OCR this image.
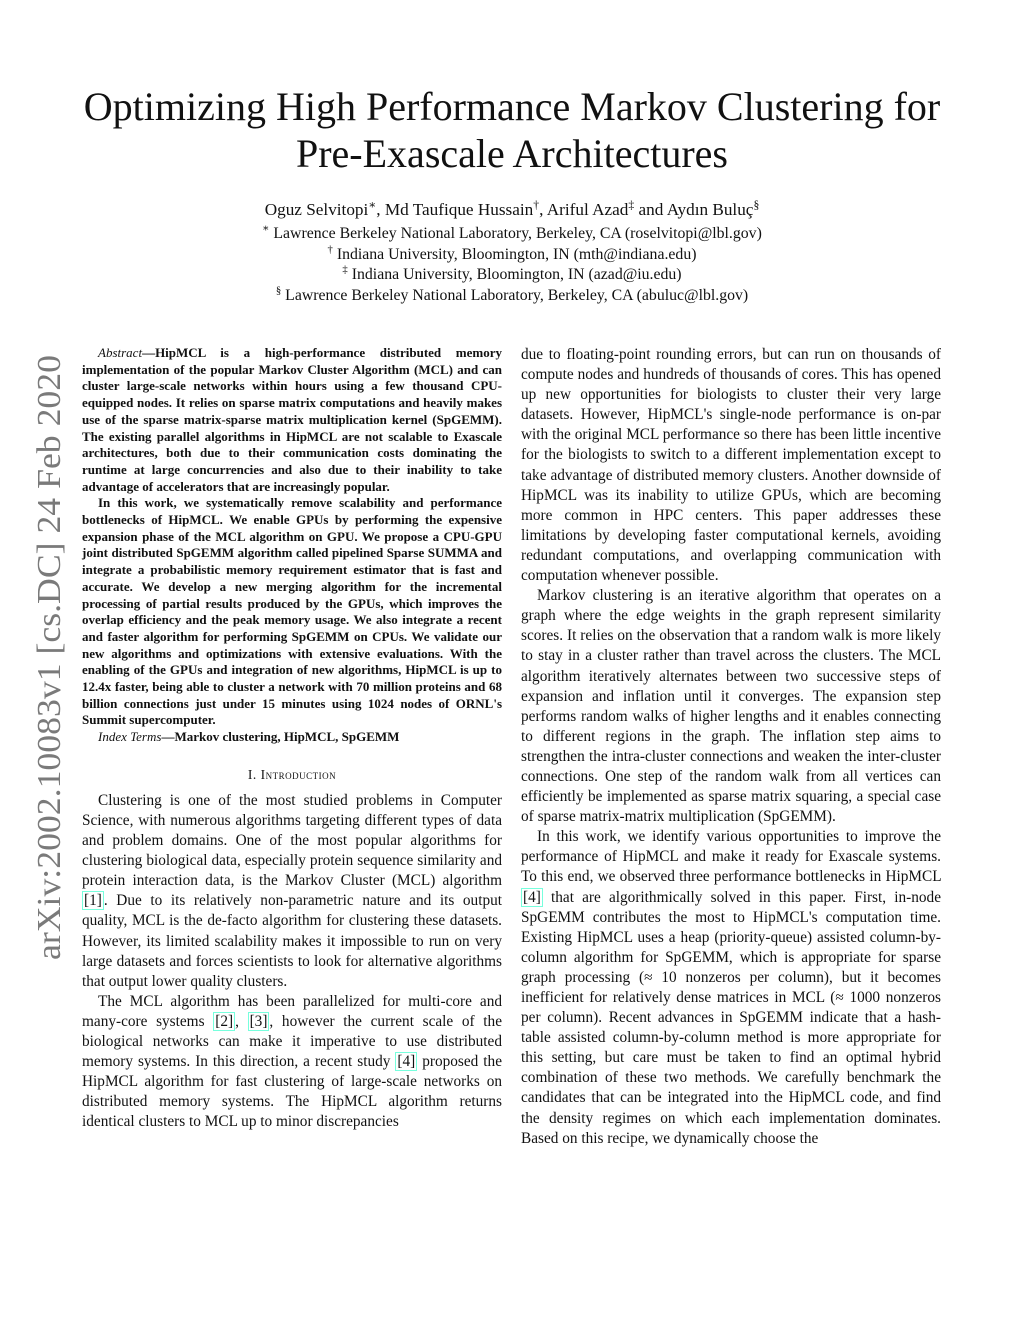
arXiv:2002.10083v1 [cs.DC] 24 Feb 2020
Optimizing High Performance Markov Clustering for Pre-Exascale Architectures
Oguz Selvitopi∗, Md Taufique Hussain†, Ariful Azad‡ and Aydın Buluç§
∗ Lawrence Berkeley National Laboratory, Berkeley, CA (roselvitopi@lbl.gov)
† Indiana University, Bloomington, IN (mth@indiana.edu)
‡ Indiana University, Bloomington, IN (azad@iu.edu)
§ Lawrence Berkeley National Laboratory, Berkeley, CA (abuluc@lbl.gov)

Abstract—HipMCL is a high-performance distributed memory implementation of the popular Markov Cluster Algorithm (MCL) and can cluster large-scale networks within hours using a few thousand CPU-equipped nodes. It relies on sparse matrix computations and heavily makes use of the sparse matrix-sparse matrix multiplication kernel (SpGEMM). The existing parallel algorithms in HipMCL are not scalable to Exascale architectures, both due to their communication costs dominating the runtime at large concurrencies and also due to their inability to take advantage of accelerators that are increasingly popular.

In this work, we systematically remove scalability and performance bottlenecks of HipMCL. We enable GPUs by performing the expensive expansion phase of the MCL algorithm on GPU. We propose a CPU-GPU joint distributed SpGEMM algorithm called pipelined Sparse SUMMA and integrate a probabilistic memory requirement estimator that is fast and accurate. We develop a new merging algorithm for the incremental processing of partial results produced by the GPUs, which improves the overlap efficiency and the peak memory usage. We also integrate a recent and faster algorithm for performing SpGEMM on CPUs. We validate our new algorithms and optimizations with extensive evaluations. With the enabling of the GPUs and integration of new algorithms, HipMCL is up to 12.4x faster, being able to cluster a network with 70 million proteins and 68 billion connections just under 15 minutes using 1024 nodes of ORNL's Summit supercomputer.

Index Terms—Markov clustering, HipMCL, SpGEMM

I. Introduction

Clustering is one of the most studied problems in Computer Science, with numerous algorithms targeting different types of data and problem domains. One of the most popular algorithms for clustering biological data, especially protein sequence similarity and protein interaction data, is the Markov Cluster (MCL) algorithm [1] . Due to its relatively non-parametric nature and its output quality, MCL is the de-facto algorithm for clustering these datasets. However, its limited scalability makes it impossible to run on very large datasets and forces scientists to look for alternative algorithms that output lower quality clusters.

The MCL algorithm has been parallelized for multi-core and many-core systems [2] , [3] , however the current scale of the biological networks can make it imperative to use distributed memory systems. In this direction, a recent study [4] proposed the HipMCL algorithm for fast clustering of large-scale networks on distributed memory systems. The HipMCL algorithm returns identical clusters to MCL up to minor discrepancies

due to floating-point rounding errors, but can run on thousands of compute nodes and hundreds of thousands of cores. This has opened up new opportunities for biologists to cluster their very large datasets. However, HipMCL's single-node performance is on-par with the original MCL performance so there has been little incentive for the biologists to switch to a different implementation except to take advantage of distributed memory clusters. Another downside of HipMCL was its inability to utilize GPUs, which are becoming more common in HPC centers. This paper addresses these limitations by developing faster computational kernels, avoiding redundant computations, and overlapping communication with computation whenever possible.

Markov clustering is an iterative algorithm that operates on a graph where the edge weights in the graph represent similarity scores. It relies on the observation that a random walk is more likely to stay in a cluster rather than travel across the clusters. The MCL algorithm iteratively alternates between two successive steps of expansion and inflation until it converges. The expansion step performs random walks of higher lengths and it enables connecting to different regions in the graph. The inflation step aims to strengthen the intra-cluster connections and weaken the inter-cluster connections. One step of the random walk from all vertices can efficiently be implemented as sparse matrix squaring, a special case of sparse matrix-matrix multiplication (SpGEMM).

In this work, we identify various opportunities to improve the performance of HipMCL and make it ready for Exascale systems. To this end, we observed three performance bottlenecks in HipMCL [4] that are algorithmically solved in this paper. First, in-node SpGEMM contributes the most to HipMCL's computation time. Existing HipMCL uses a heap (priority-queue) assisted column-by-column algorithm for SpGEMM, which is appropriate for sparse graph processing (≈ 10 nonzeros per column), but it becomes inefficient for relatively dense matrices in MCL (≈ 1000 nonzeros per column). Recent advances in SpGEMM indicate that a hash-table assisted column-by-column method is more appropriate for this setting, but care must be taken to find an optimal hybrid combination of these two methods. We carefully benchmark the candidates that can be integrated into the HipMCL code, and find the density regimes on which each implementation dominates. Based on this recipe, we dynamically choose the
